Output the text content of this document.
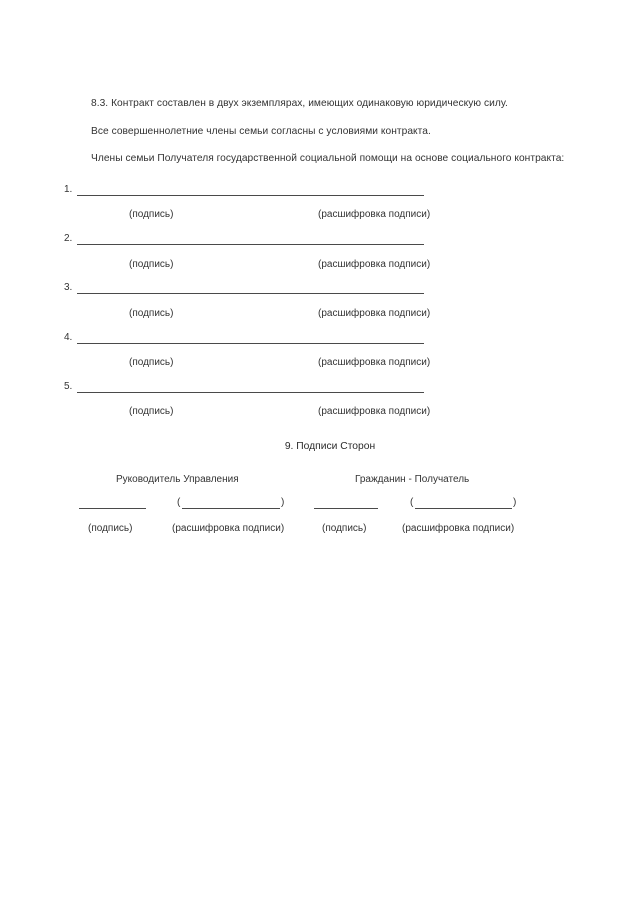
8.3. Контракт составлен в двух экземплярах, имеющих одинаковую юридическую силу.
Все совершеннолетние члены семьи согласны с условиями контракта.
Члены семьи Получателя государственной социальной помощи на основе социального контракта:
1.
(подпись)	(расшифровка подписи)
2.
(подпись)	(расшифровка подписи)
3.
(подпись)	(расшифровка подписи)
4.
(подпись)	(расшифровка подписи)
5.
(подпись)	(расшифровка подписи)
9. Подписи Сторон
Руководитель Управления	Гражданин - Получатель
(	)	(	)
(подпись)	(расшифровка подписи)	(подпись)	(расшифровка подписи)
